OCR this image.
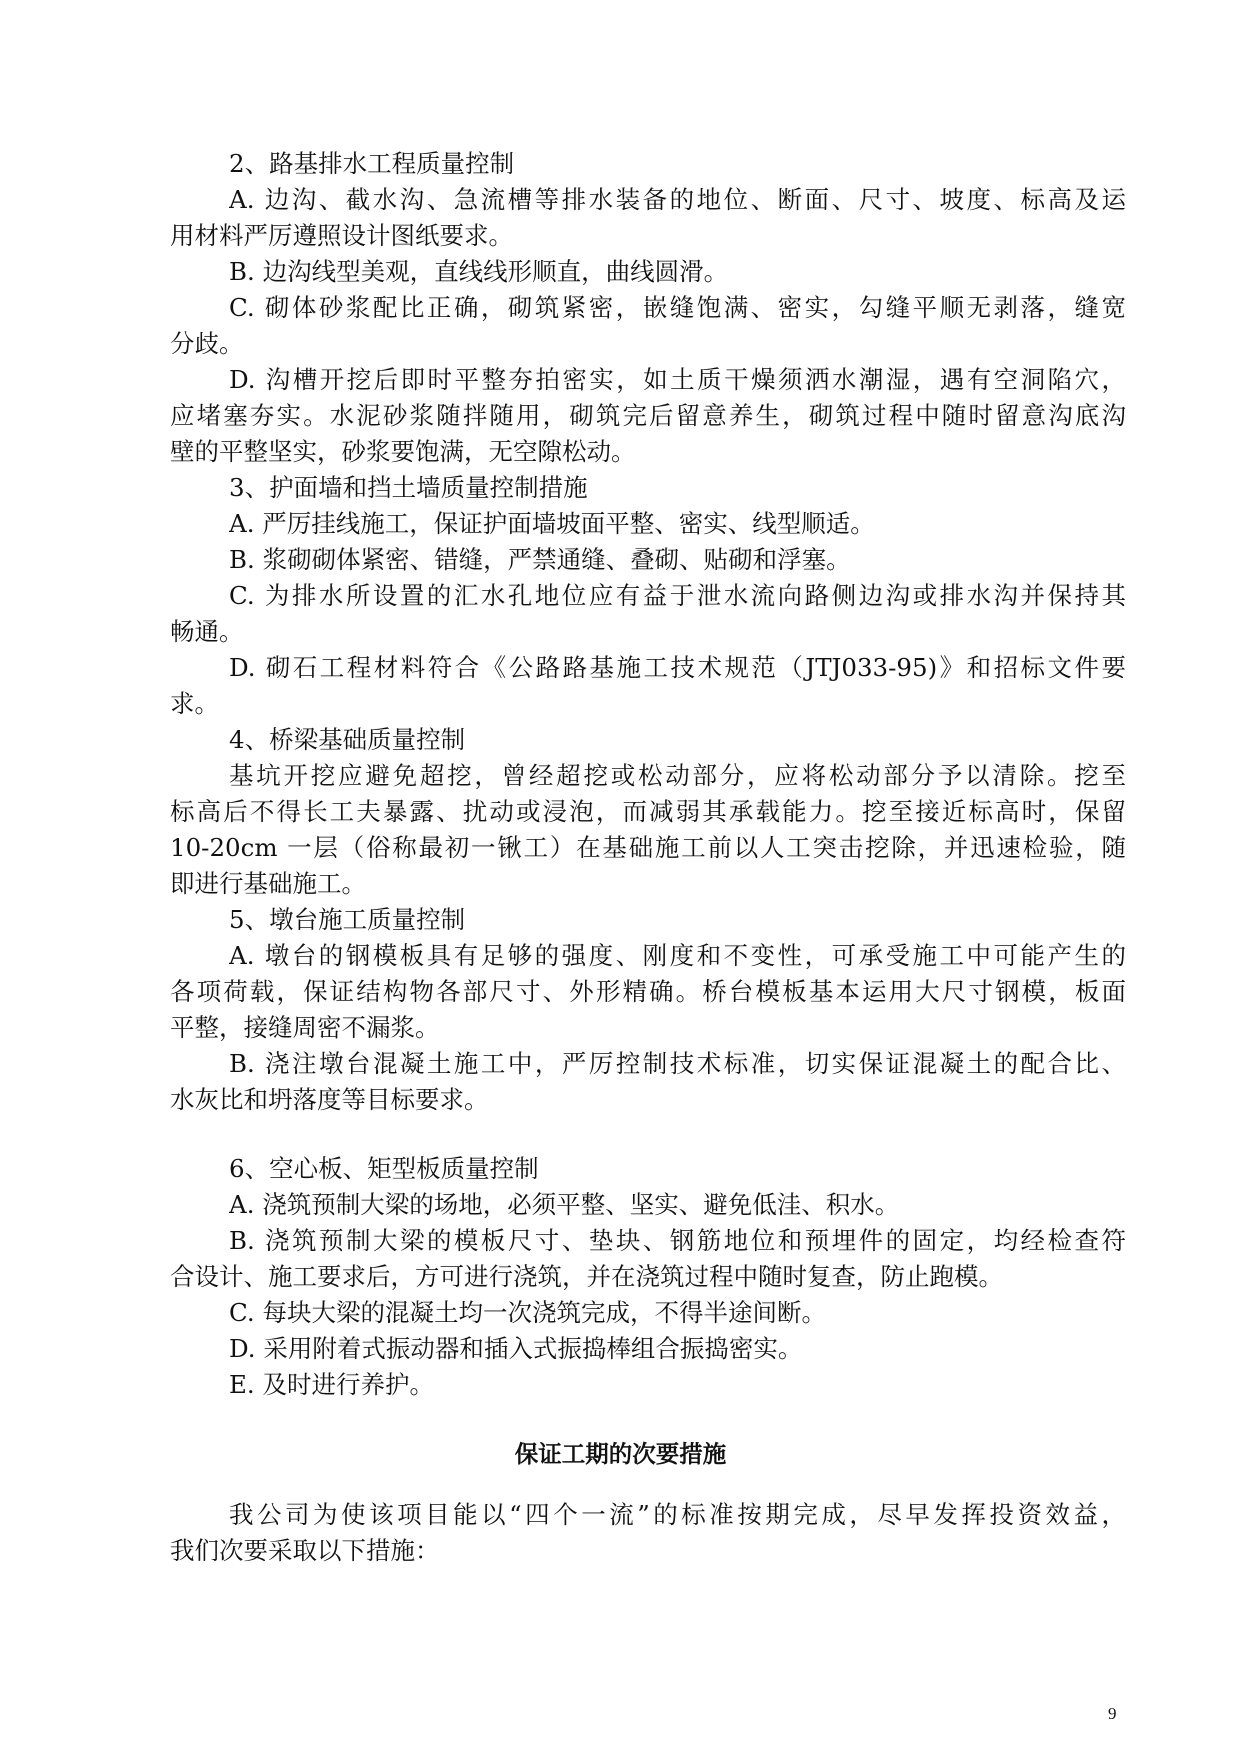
2、路基排水工程质量控制
A. 边沟、截水沟、急流槽等排水装备的地位、断面、尺寸、坡度、标高及运
用材料严厉遵照设计图纸要求。
B. 边沟线型美观，直线线形顺直，曲线圆滑。
C. 砌体砂浆配比正确，砌筑紧密，嵌缝饱满、密实，勾缝平顺无剥落，缝宽
分歧。
D. 沟槽开挖后即时平整夯拍密实，如土质干燥须洒水潮湿，遇有空洞陷穴，
应堵塞夯实。水泥砂浆随拌随用，砌筑完后留意养生，砌筑过程中随时留意沟底沟
壁的平整坚实，砂浆要饱满，无空隙松动。
3、护面墙和挡土墙质量控制措施
A. 严厉挂线施工，保证护面墙坡面平整、密实、线型顺适。
B. 浆砌砌体紧密、错缝，严禁通缝、叠砌、贴砌和浮塞。
C. 为排水所设置的汇水孔地位应有益于泄水流向路侧边沟或排水沟并保持其
畅通。
D. 砌石工程材料符合《公路路基施工技术规范（JTJ033-95)》和招标文件要
求。
4、桥梁基础质量控制
基坑开挖应避免超挖，曾经超挖或松动部分，应将松动部分予以清除。挖至
标高后不得长工夫暴露、扰动或浸泡，而减弱其承载能力。挖至接近标高时，保留
10-20cm 一层（俗称最初一锹工）在基础施工前以人工突击挖除，并迅速检验，随
即进行基础施工。
5、墩台施工质量控制
A. 墩台的钢模板具有足够的强度、刚度和不变性，可承受施工中可能产生的
各项荷载，保证结构物各部尺寸、外形精确。桥台模板基本运用大尺寸钢模，板面
平整，接缝周密不漏浆。
B. 浇注墩台混凝土施工中，严厉控制技术标准，切实保证混凝土的配合比、
水灰比和坍落度等目标要求。
6、空心板、矩型板质量控制
A. 浇筑预制大梁的场地，必须平整、坚实、避免低洼、积水。
B. 浇筑预制大梁的模板尺寸、垫块、钢筋地位和预埋件的固定，均经检查符
合设计、施工要求后，方可进行浇筑，并在浇筑过程中随时复查，防止跑模。
C. 每块大梁的混凝土均一次浇筑完成，不得半途间断。
D. 采用附着式振动器和插入式振捣棒组合振捣密实。
E. 及时进行养护。
保证工期的次要措施
我公司为使该项目能以“四个一流”的标准按期完成，尽早发挥投资效益，
我们次要采取以下措施：
9
